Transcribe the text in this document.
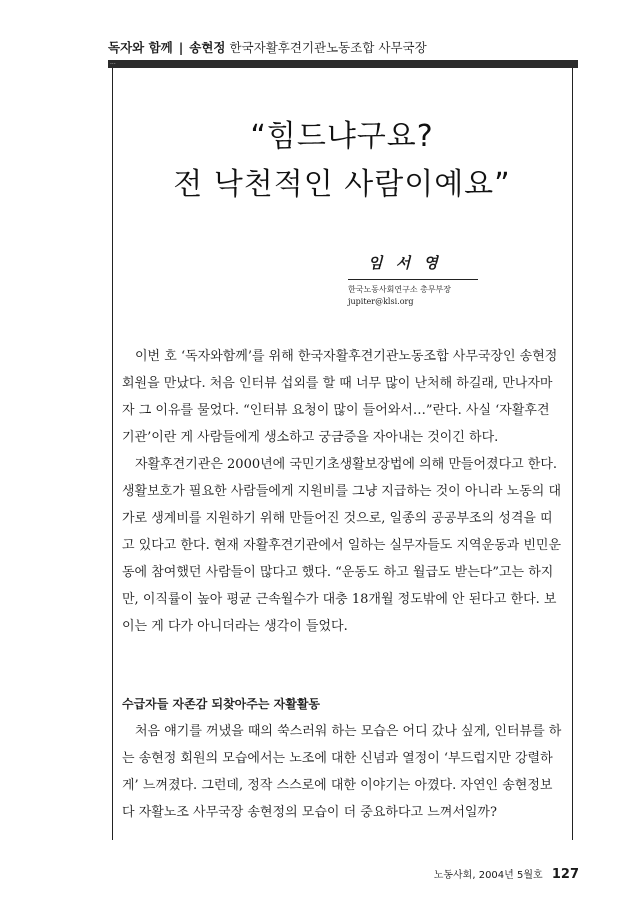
독자와 함께 | 송현정 한국자활후견기관노동조합 사무국장
...
“힘드냐구요?
전 낙천적인 사람이예요”
임 서 영
한국노동사회연구소 총무부장
jupiter@klsi.org

이번 호 ‘독자와함께’를 위해 한국자활후견기관노동조합 사무국장인 송현정 회원을 만났다. 처음 인터뷰 섭외를 할 때 너무 많이 난처해 하길래, 만나자마자 그 이유를 물었다. “인터뷰 요청이 많이 들어와서…”란다. 사실 ‘자활후견기관’이란 게 사람들에게 생소하고 궁금증을 자아내는 것이긴 하다.

자활후견기관은 2000년에 국민기초생활보장법에 의해 만들어졌다고 한다. 생활보호가 필요한 사람들에게 지원비를 그냥 지급하는 것이 아니라 노동의 대가로 생계비를 지원하기 위해 만들어진 것으로, 일종의 공공부조의 성격을 띠고 있다고 한다. 현재 자활후견기관에서 일하는 실무자들도 지역운동과 빈민운동에 참여했던 사람들이 많다고 했다. “운동도 하고 월급도 받는다”고는 하지만, 이직률이 높아 평균 근속월수가 대충 18개월 정도밖에 안 된다고 한다. 보이는 게 다가 아니더라는 생각이 들었다.

수급자들 자존감 되찾아주는 자활활동

처음 얘기를 꺼냈을 때의 쑥스러워 하는 모습은 어디 갔나 싶게, 인터뷰를 하는 송현정 회원의 모습에서는 노조에 대한 신념과 열정이 ‘부드럽지만 강렬하게’ 느껴졌다. 그런데, 정작 스스로에 대한 이야기는 아꼈다. 자연인 송현정보다 자활노조 사무국장 송현정의 모습이 더 중요하다고 느껴서일까?

노동사회, 2004년 5월호 127
